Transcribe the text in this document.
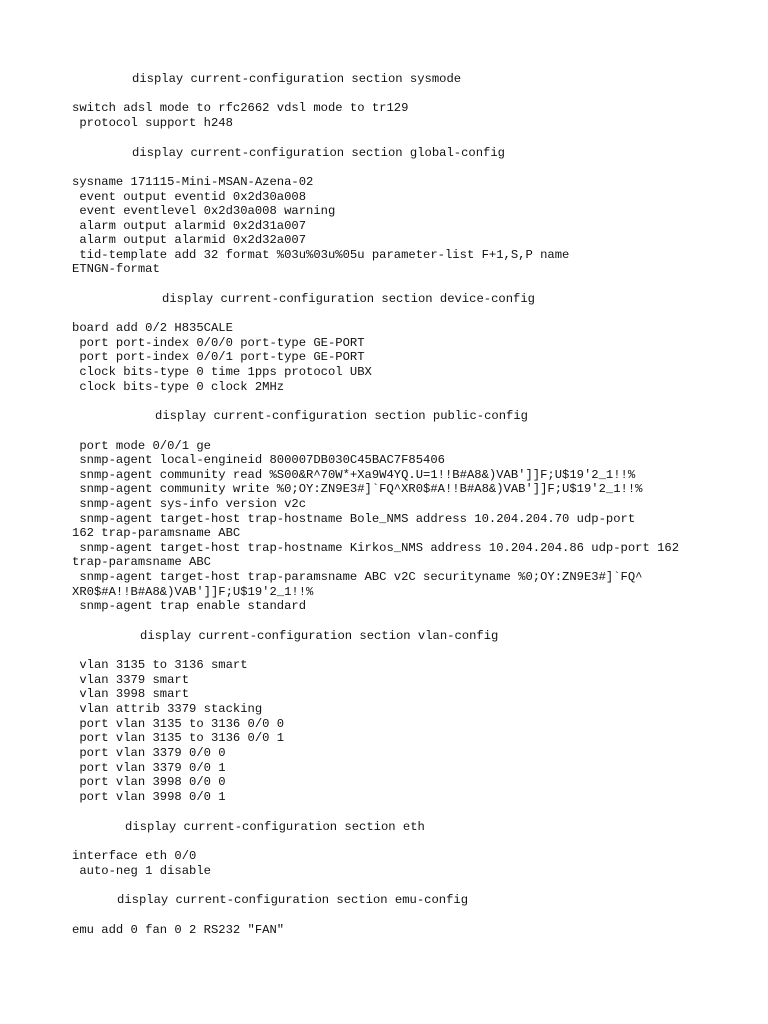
display current-configuration section sysmode
switch adsl mode to rfc2662 vdsl mode to tr129
protocol support h248
display current-configuration section global-config
sysname 171115-Mini-MSAN-Azena-02
event output eventid 0x2d30a008
event eventlevel 0x2d30a008 warning
alarm output alarmid 0x2d31a007
alarm output alarmid 0x2d32a007
tid-template add 32 format %03u%03u%05u parameter-list F+1,S,P name
ETNGN-format
display current-configuration section device-config
board add 0/2 H835CALE
port port-index 0/0/0 port-type GE-PORT
port port-index 0/0/1 port-type GE-PORT
clock bits-type 0 time 1pps protocol UBX
clock bits-type 0 clock 2MHz
display current-configuration section public-config
port mode 0/0/1 ge
snmp-agent local-engineid 800007DB030C45BAC7F85406
snmp-agent community read %S00&R^70W*+Xa9W4YQ.U=1!!B#A8&)VAB']]F;U$19'2_1!!%
snmp-agent community write %0;OY:ZN9E3#]`FQ^XR0$#A!!B#A8&)VAB']]F;U$19'2_1!!%
snmp-agent sys-info version v2c
snmp-agent target-host trap-hostname Bole_NMS address 10.204.204.70 udp-port
162 trap-paramsname ABC
snmp-agent target-host trap-hostname Kirkos_NMS address 10.204.204.86 udp-port 162
trap-paramsname ABC
snmp-agent target-host trap-paramsname ABC v2C securityname %0;OY:ZN9E3#]`FQ^
XR0$#A!!B#A8&)VAB']]F;U$19'2_1!!%
snmp-agent trap enable standard
display current-configuration section vlan-config
vlan 3135 to 3136 smart
vlan 3379 smart
vlan 3998 smart
vlan attrib 3379 stacking
port vlan 3135 to 3136 0/0 0
port vlan 3135 to 3136 0/0 1
port vlan 3379 0/0 0
port vlan 3379 0/0 1
port vlan 3998 0/0 0
port vlan 3998 0/0 1
display current-configuration section eth
interface eth 0/0
auto-neg 1 disable
display current-configuration section emu-config
emu add 0 fan 0 2 RS232 "FAN"
